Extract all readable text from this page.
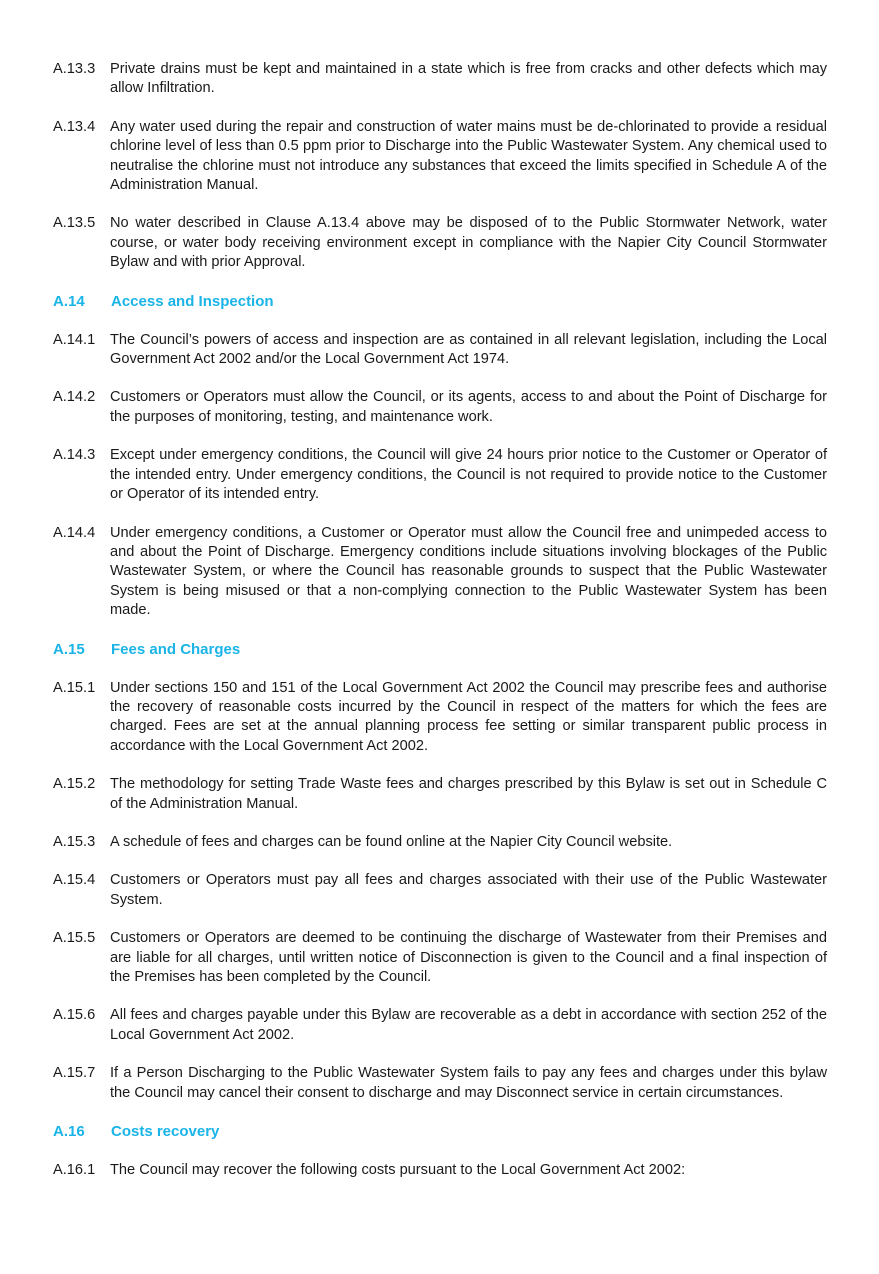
A.13.3	Private drains must be kept and maintained in a state which is free from cracks and other defects which may allow Infiltration.
A.13.4	Any water used during the repair and construction of water mains must be de-chlorinated to provide a residual chlorine level of less than 0.5 ppm prior to Discharge into the Public Wastewater System. Any chemical used to neutralise the chlorine must not introduce any substances that exceed the limits specified in Schedule A of the Administration Manual.
A.13.5	No water described in Clause A.13.4 above may be disposed of to the Public Stormwater Network, water course, or water body receiving environment except in compliance with the Napier City Council Stormwater Bylaw and with prior Approval.
A.14	Access and Inspection
A.14.1	The Council’s powers of access and inspection are as contained in all relevant legislation, including the Local Government Act 2002 and/or the Local Government Act 1974.
A.14.2	Customers or Operators must allow the Council, or its agents, access to and about the Point of Discharge for the purposes of monitoring, testing, and maintenance work.
A.14.3	Except under emergency conditions, the Council will give 24 hours prior notice to the Customer or Operator of the intended entry. Under emergency conditions, the Council is not required to provide notice to the Customer or Operator of its intended entry.
A.14.4	Under emergency conditions, a Customer or Operator must allow the Council free and unimpeded access to and about the Point of Discharge. Emergency conditions include situations involving blockages of the Public Wastewater System, or where the Council has reasonable grounds to suspect that the Public Wastewater System is being misused or that a non-complying connection to the Public Wastewater System has been made.
A.15	Fees and Charges
A.15.1	Under sections 150 and 151 of the Local Government Act 2002 the Council may prescribe fees and authorise the recovery of reasonable costs incurred by the Council in respect of the matters for which the fees are charged. Fees are set at the annual planning process fee setting or similar transparent public process in accordance with the Local Government Act 2002.
A.15.2	The methodology for setting Trade Waste fees and charges prescribed by this Bylaw is set out in Schedule C of the Administration Manual.
A.15.3	A schedule of fees and charges can be found online at the Napier City Council website.
A.15.4	Customers or Operators must pay all fees and charges associated with their use of the Public Wastewater System.
A.15.5	Customers or Operators are deemed to be continuing the discharge of Wastewater from their Premises and are liable for all charges, until written notice of Disconnection is given to the Council and a final inspection of the Premises has been completed by the Council.
A.15.6	All fees and charges payable under this Bylaw are recoverable as a debt in accordance with section 252 of the Local Government Act 2002.
A.15.7	If a Person Discharging to the Public Wastewater System fails to pay any fees and charges under this bylaw the Council may cancel their consent to discharge and may Disconnect service in certain circumstances.
A.16	Costs recovery
A.16.1	The Council may recover the following costs pursuant to the Local Government Act 2002:
